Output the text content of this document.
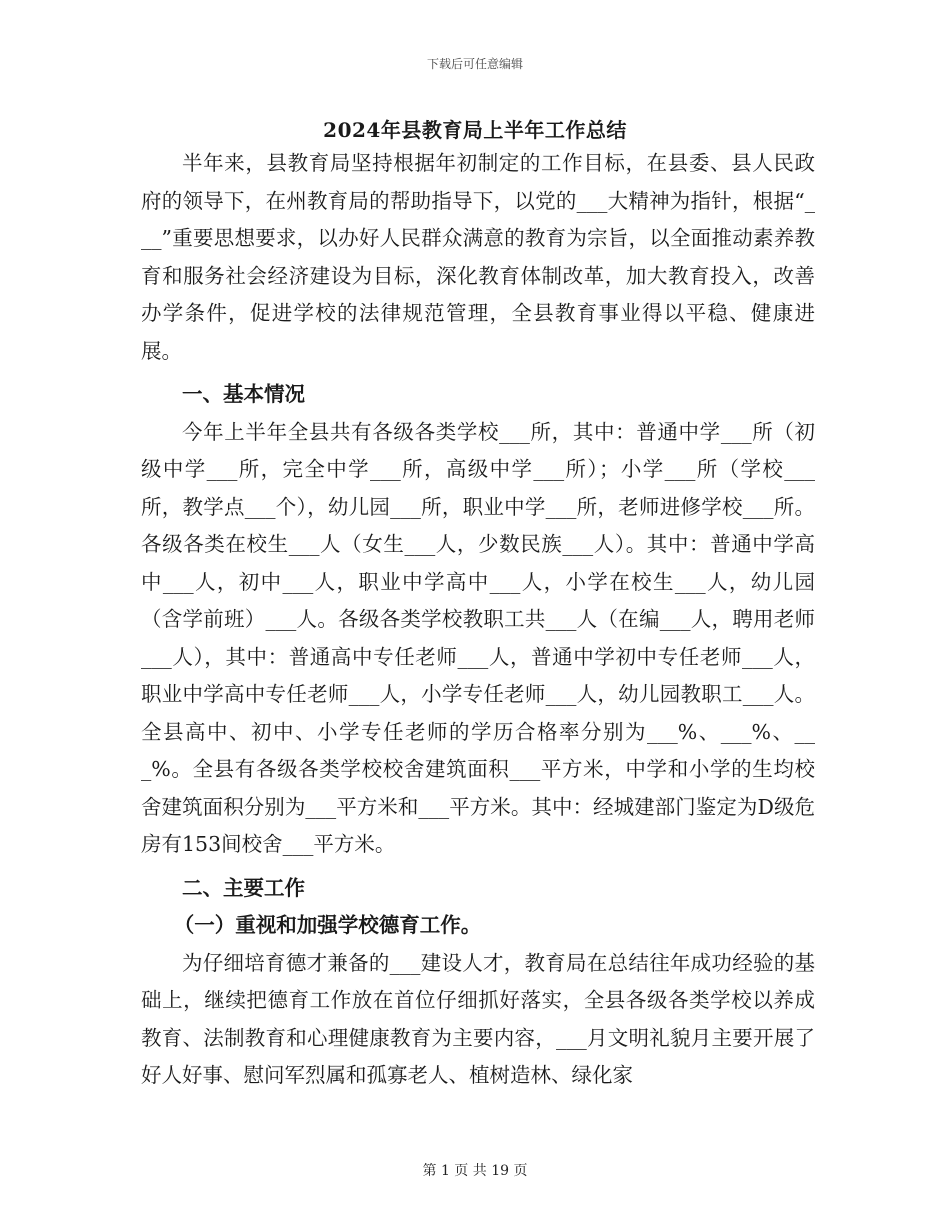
下载后可任意编辑
2024年县教育局上半年工作总结

半年来，县教育局坚持根据年初制定的工作目标，在县委、县人民政府的领导下，在州教育局的帮助指导下，以党的___大精神为指针，根据“___”重要思想要求，以办好人民群众满意的教育为宗旨，以全面推动素养教育和服务社会经济建设为目标，深化教育体制改革，加大教育投入，改善办学条件，促进学校的法律规范管理，全县教育事业得以平稳、健康进展。

一、基本情况

今年上半年全县共有各级各类学校___所，其中：普通中学___所（初级中学___所，完全中学___所，高级中学___所）；小学___所（学校___所，教学点___个），幼儿园___所，职业中学___所，老师进修学校___所。各级各类在校生___人（女生___人，少数民族___人）。其中：普通中学高中___人，初中___人，职业中学高中___人，小学在校生___人，幼儿园（含学前班）___人。各级各类学校教职工共___人（在编___人，聘用老师___人），其中：普通高中专任老师___人，普通中学初中专任老师___人，职业中学高中专任老师___人，小学专任老师___人，幼儿园教职工___人。全县高中、初中、小学专任老师的学历合格率分别为___%、___%、___%。全县有各级各类学校校舍建筑面积___平方米，中学和小学的生均校舍建筑面积分别为___平方米和___平方米。其中：经城建部门鉴定为D级危房有153间校舍___平方米。

二、主要工作
（一）重视和加强学校德育工作。

为仔细培育德才兼备的___建设人才，教育局在总结往年成功经验的基础上，继续把德育工作放在首位仔细抓好落实，全县各级各类学校以养成教育、法制教育和心理健康教育为主要内容，___月文明礼貌月主要开展了好人好事、慰问军烈属和孤寡老人、植树造林、绿化家

第 1 页 共 19 页
